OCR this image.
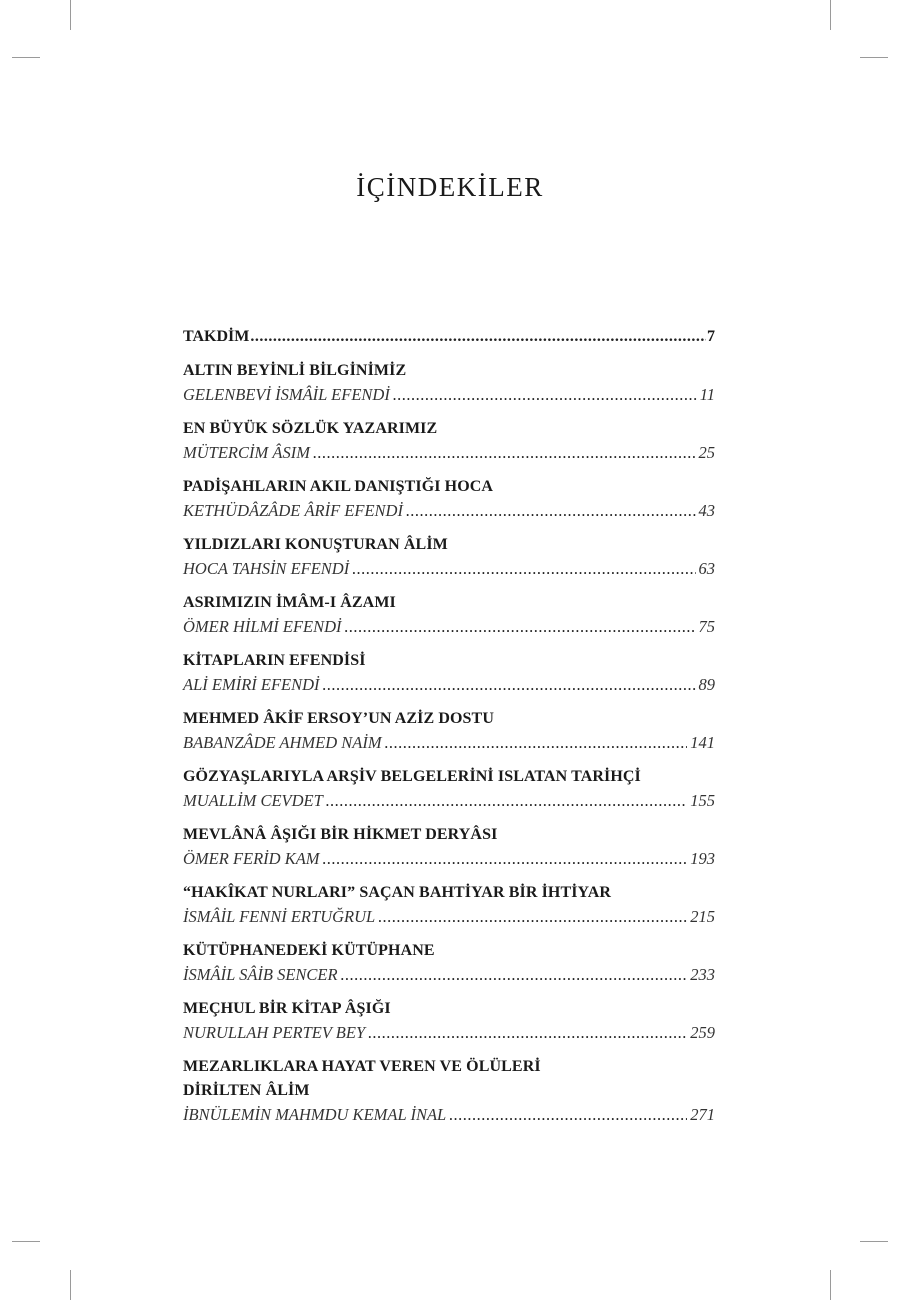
İÇİNDEKİLER
TAKDİM .....	7
ALTIN BEYİNLİ BİLGİNİMİZ
GELENBEVİ İSMÂİL EFENDİ .....	11
EN BÜYÜK SÖZLÜK YAZARIMIZ
MÜTERCİM ÂSIM .....	25
PADİŞAHLARIN AKIL DANIŞTIĞI HOCA
KETHÜDÂZÂDE ÂRİF EFENDİ .....	43
YILDIZLARI KONUŞTURAN ÂLİM
HOCA TAHSİN EFENDİ .....	63
ASRIMIZIN İMÂM-I ÂZAMI
ÖMER HİLMİ EFENDİ .....	75
KİTAPLARIN EFENDİSİ
ALİ EMİRİ EFENDİ .....	89
MEHMED ÂKİF ERSOY’UN AZİZ DOSTU
BABANZÂDE AHMED NAİM .....	141
GÖZYAŞLARIYLA ARŞİV BELGELERİNİ ISLATAN TARİHÇİ
MUALLİM CEVDET .....	155
MEVLÂNÂ ÂŞIĞI BİR HİKMET DERYÂSI
ÖMER FERİD KAM .....	193
“HAKÎKAT NURLARI” SAÇAN BAHTİYAR BİR İHTİYAR
İSMÂİL FENNİ ERTUĞRUL .....	215
KÜTÜPHANEDEKİ KÜTÜPHANE
İSMÂİL SÂİB SENCER .....	233
MEÇHUL BİR KİTAP ÂŞIĞI
NURULLAH PERTEV BEY .....	259
MEZARLIKLARA HAYAT VEREN VE ÖLÜLERİ
DİRİLTEN ÂLİM
İBNÜLEMİN MAHMDU KEMAL İNAL .....	271
